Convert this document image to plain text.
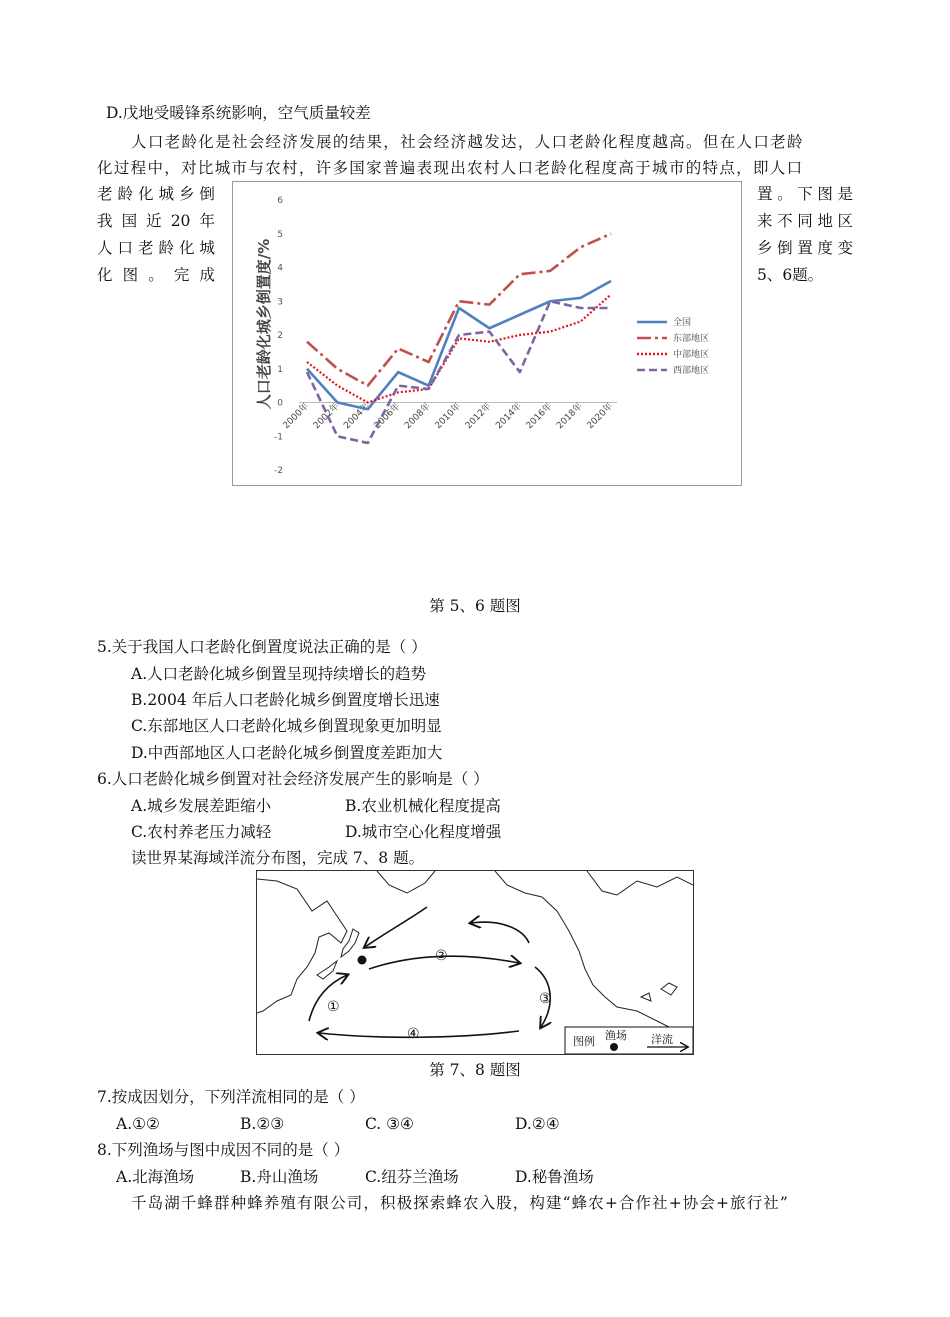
D.戊地受暖锋系统影响，空气质量较差
人口老龄化是社会经济发展的结果，社会经济越发达，人口老龄化程度越高。但在人口老龄
化过程中，对比城市与农村，许多国家普遍表现出农村人口老龄化程度高于城市的特点，即人口
老 龄 化 城 乡 倒
我 国 近 20 年
人 口 老 龄 化 城
化 图 。 完 成
置 。 下 图 是
来 不 同 地 区
乡 倒 置 度 变
5、6题。
-2
-1
0
1
2
3
4
5
6
2000年 2002年 2004年 2006年 2008年 2010年 2012年 2014年 2016年 2018年 2020年
人口老龄化城乡倒置度/%	全国
东部地区
中部地区
西部地区
第 5、6 题图
5.关于我国人口老龄化倒置度说法正确的是（ ）
A.人口老龄化城乡倒置呈现持续增长的趋势
B.2004 年后人口老龄化城乡倒置度增长迅速
C.东部地区人口老龄化城乡倒置现象更加明显
D.中西部地区人口老龄化城乡倒置度差距加大
6.人口老龄化城乡倒置对社会经济发展产生的影响是（ ）
A.城乡发展差距缩小	B.农业机械化程度提高
C.农村养老压力减轻	D.城市空心化程度增强
读世界某海域洋流分布图，完成 7、8 题。
①
②
③
④	图例 渔场 洋流
第 7、8 题图
7.按成因划分，下列洋流相同的是（ ）
A.①②	B.②③	C. ③④	D.②④
8.下列渔场与图中成因不同的是（ ）
A.北海渔场	B.舟山渔场	C.纽芬兰渔场	D.秘鲁渔场
千岛湖千蜂群种蜂养殖有限公司，积极探索蜂农入股，构建“蜂农+合作社+协会+旅行社”
